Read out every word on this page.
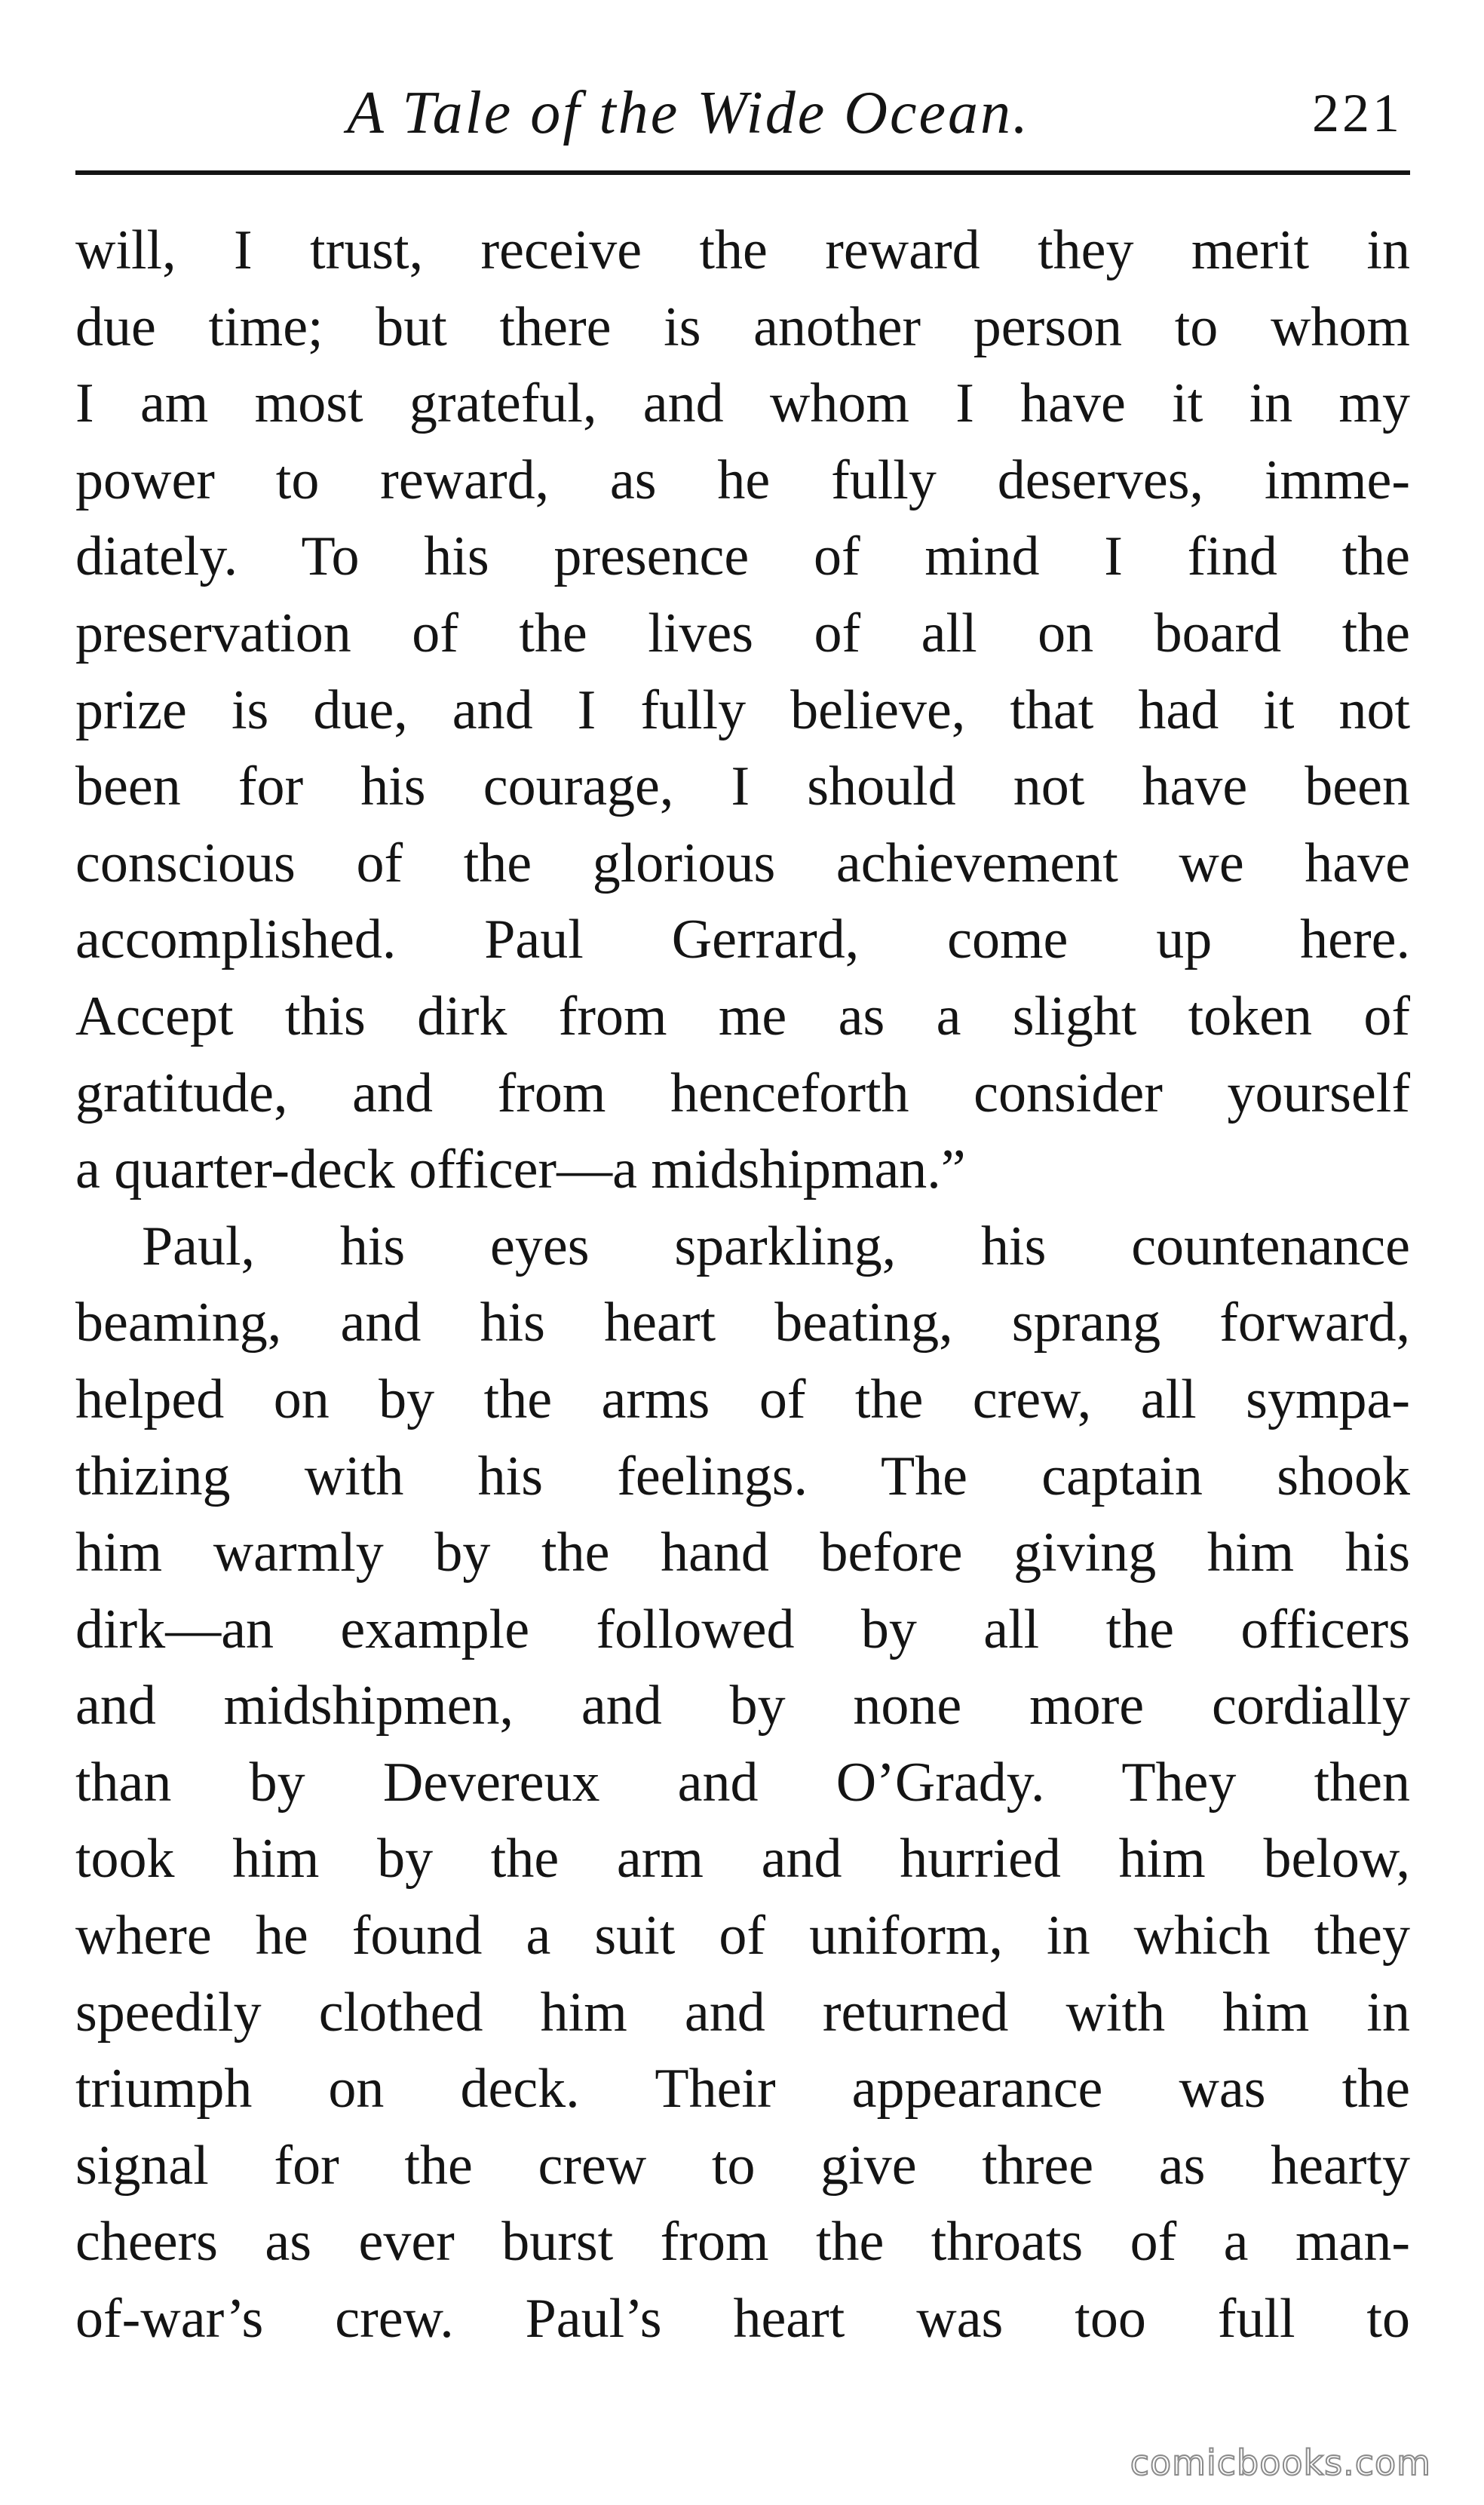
A Tale of the Wide Ocean.	221
will, I trust, receive the reward they merit in
due time; but there is another person to whom
I am most grateful, and whom I have it in my
power to reward, as he fully deserves, imme-
diately. To his presence of mind I find the
preservation of the lives of all on board the
prize is due, and I fully believe, that had it not
been for his courage, I should not have been
conscious of the glorious achievement we have
accomplished. Paul Gerrard, come up here.
Accept this dirk from me as a slight token of
gratitude, and from henceforth consider yourself
a quarter-deck officer—a midshipman.”
Paul, his eyes sparkling, his countenance
beaming, and his heart beating, sprang forward,
helped on by the arms of the crew, all sympa-
thizing with his feelings. The captain shook
him warmly by the hand before giving him his
dirk—an example followed by all the officers
and midshipmen, and by none more cordially
than by Devereux and O’Grady. They then
took him by the arm and hurried him below,
where he found a suit of uniform, in which they
speedily clothed him and returned with him in
triumph on deck. Their appearance was the
signal for the crew to give three as hearty
cheers as ever burst from the throats of a man-
of-war’s crew. Paul’s heart was too full to
comicbooks.com
